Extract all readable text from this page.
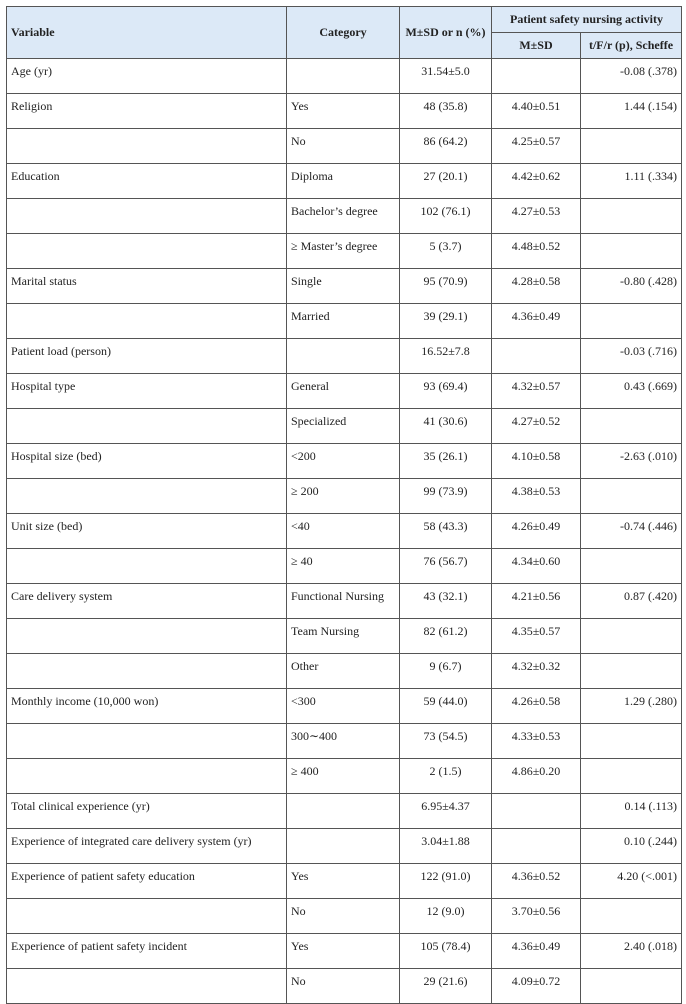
Variable	Category	M±SD or n (%)	Patient safety nursing activity	
			M±SD	t/F/r (p), Scheffe
Age (yr)		31.54±5.0		-0.08 (.378)
Religion	Yes	48 (35.8)	4.40±0.51	1.44 (.154)
	No	86 (64.2)	4.25±0.57	
Education	Diploma	27 (20.1)	4.42±0.62	1.11 (.334)
	Bachelor’s degree	102 (76.1)	4.27±0.53	
	≥ Master’s degree	5 (3.7)	4.48±0.52	
Marital status	Single	95 (70.9)	4.28±0.58	-0.80 (.428)
	Married	39 (29.1)	4.36±0.49	
Patient load (person)		16.52±7.8		-0.03 (.716)
Hospital type	General	93 (69.4)	4.32±0.57	0.43 (.669)
	Specialized	41 (30.6)	4.27±0.52	
Hospital size (bed)	<200	35 (26.1)	4.10±0.58	-2.63 (.010)
	≥ 200	99 (73.9)	4.38±0.53	
Unit size (bed)	<40	58 (43.3)	4.26±0.49	-0.74 (.446)
	≥ 40	76 (56.7)	4.34±0.60	
Care delivery system	Functional Nursing	43 (32.1)	4.21±0.56	0.87 (.420)
	Team Nursing	82 (61.2)	4.35±0.57	
	Other	9 (6.7)	4.32±0.32	
Monthly income (10,000 won)	<300	59 (44.0)	4.26±0.58	1.29 (.280)
	300∼400	73 (54.5)	4.33±0.53	
	≥ 400	2 (1.5)	4.86±0.20	
Total clinical experience (yr)		6.95±4.37		0.14 (.113)
Experience of integrated care delivery system (yr)		3.04±1.88		0.10 (.244)
Experience of patient safety education	Yes	122 (91.0)	4.36±0.52	4.20 (<.001)
	No	12 (9.0)	3.70±0.56	
Experience of patient safety incident	Yes	105 (78.4)	4.36±0.49	2.40 (.018)
	No	29 (21.6)	4.09±0.72	
